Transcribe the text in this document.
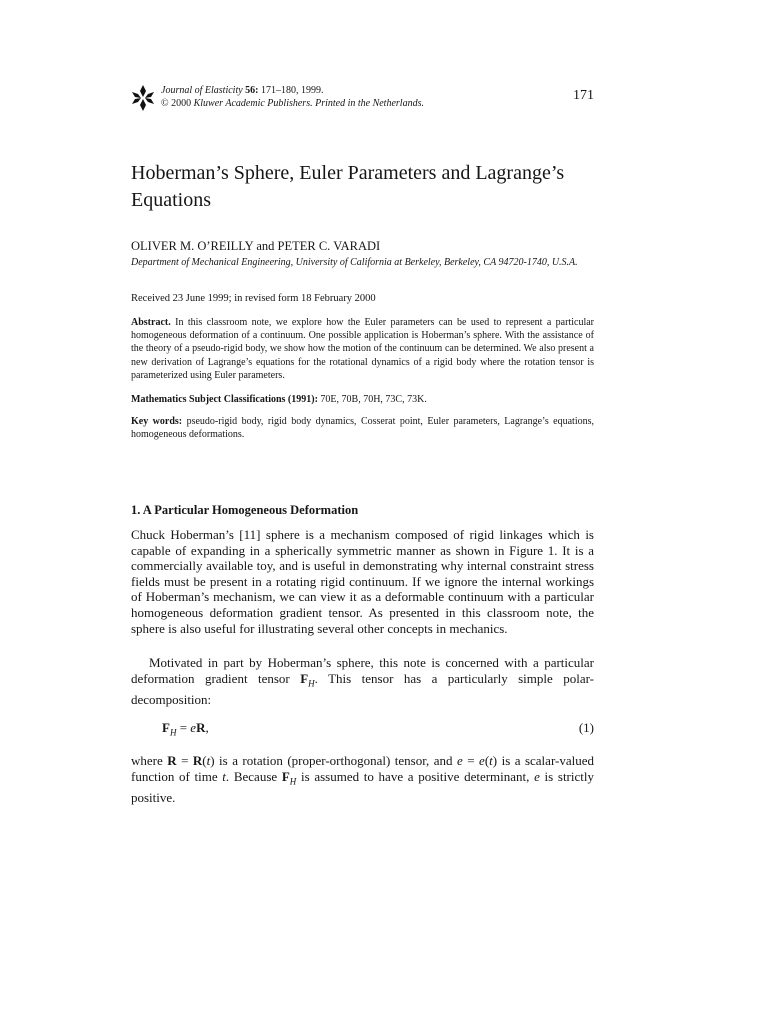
Journal of Elasticity 56: 171–180, 1999.
© 2000 Kluwer Academic Publishers. Printed in the Netherlands.
171
Hoberman’s Sphere, Euler Parameters and Lagrange’s Equations
OLIVER M. O’REILLY and PETER C. VARADI
Department of Mechanical Engineering, University of California at Berkeley, Berkeley, CA 94720-1740, U.S.A.
Received 23 June 1999; in revised form 18 February 2000
Abstract. In this classroom note, we explore how the Euler parameters can be used to represent a particular homogeneous deformation of a continuum. One possible application is Hoberman’s sphere. With the assistance of the theory of a pseudo-rigid body, we show how the motion of the continuum can be determined. We also present a new derivation of Lagrange’s equations for the rotational dynamics of a rigid body where the rotation tensor is parameterized using Euler parameters.
Mathematics Subject Classifications (1991): 70E, 70B, 70H, 73C, 73K.
Key words: pseudo-rigid body, rigid body dynamics, Cosserat point, Euler parameters, Lagrange’s equations, homogeneous deformations.
1. A Particular Homogeneous Deformation
Chuck Hoberman’s [11] sphere is a mechanism composed of rigid linkages which is capable of expanding in a spherically symmetric manner as shown in Figure 1. It is a commercially available toy, and is useful in demonstrating why internal constraint stress fields must be present in a rotating rigid continuum. If we ignore the internal workings of Hoberman’s mechanism, we can view it as a deformable continuum with a particular homogeneous deformation gradient tensor. As presented in this classroom note, the sphere is also useful for illustrating several other concepts in mechanics.
Motivated in part by Hoberman’s sphere, this note is concerned with a particular deformation gradient tensor $F_H$. This tensor has a particularly simple polar-decomposition:
$F_H$ = eR,	(1)
where R = R(t) is a rotation (proper-orthogonal) tensor, and e = e(t) is a scalar-valued function of time t. Because $F_H$ is assumed to have a positive determinant, e is strictly positive.
